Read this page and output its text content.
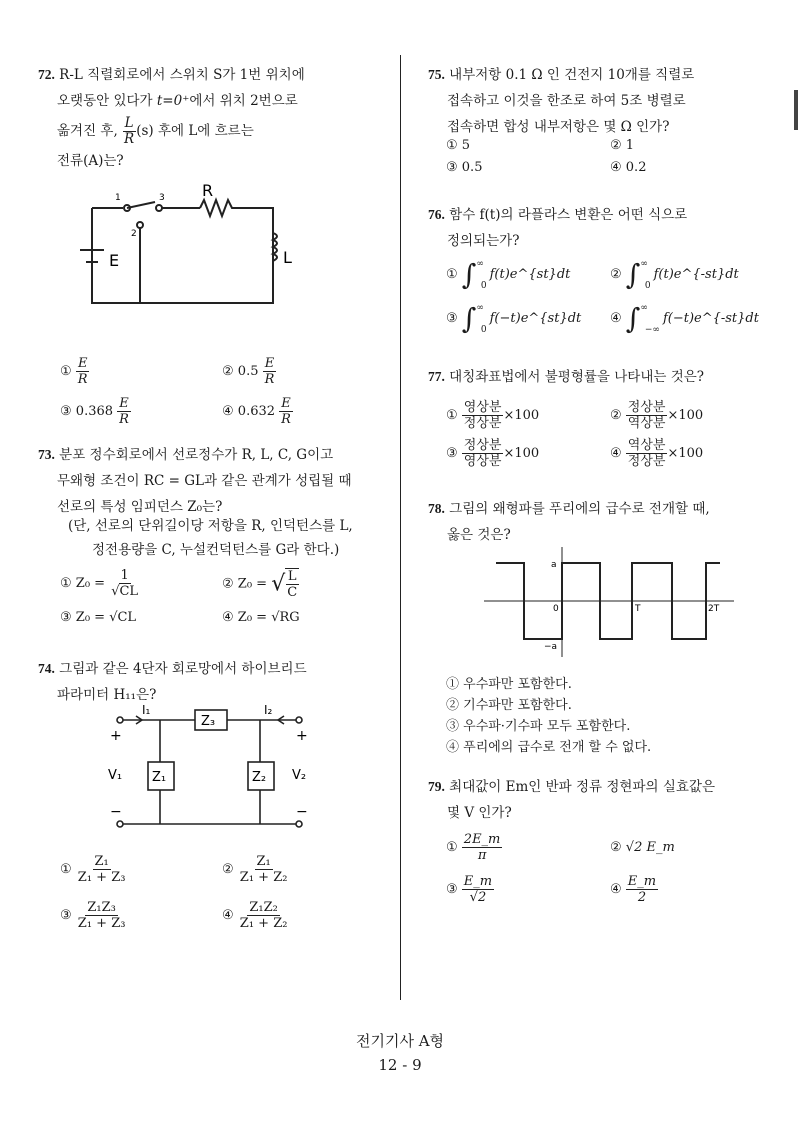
72. R-L 직렬회로에서 스위치 S가 1번 위치에
오랫동안 있다가 t=0⁺에서 위치 2번으로
옮겨진 후, $\frac{L}{R} (s)$ 후에 L에 흐르는
전류(A)는?
R
L
E
1
2
3
① $\frac{E}{R}$	② $0.5 \frac{E}{R}$
③ $0.368 \frac{E}{R}$	④ $0.632 \frac{E}{R}$
73. 분포 정수회로에서 선로정수가 R, L, C, G이고
무왜형 조건이 RC = GL과 같은 관계가 성립될 때
선로의 특성 임피던스 Z₀는?
(단, 선로의 단위길이당 저항을 R, 인덕턴스를 L,
정전용량을 C, 누설컨덕턴스를 G라 한다.)
① $Z_0 = \frac{1}{√CL}$	② Z₀ = √ $\frac{L}{C}$
③ Z₀ = √CL	④ Z₀ = √RG
74. 그림과 같은 4단자 회로망에서 하이브리드
파라미터 H₁₁은?
I₁	I₂
Z₃
Z₁	Z₂
V₁	V₂
+	+
−	−
① $\frac{\text{Z₁}}{\text{Z₁ + Z₃}}$	② $\frac{\text{Z₁}}{\text{Z₁ + Z₂}}$
③ $\frac{\text{Z₁Z₃}}{\text{Z₁ + Z₃}}$	④ $\frac{\text{Z₁Z₂}}{\text{Z₁ + Z₂}}$
75. 내부저항 0.1 Ω 인 건전지 10개를 직렬로
접속하고 이것을 한조로 하여 5조 병렬로
접속하면 합성 내부저항은 몇 Ω 인가?
① 5	② 1
③ 0.5	④ 0.2
76. 함수 f(t)의 라플라스 변환은 어떤 식으로
정의되는가?
① $\int^\infty_0f(t)e\^{}\{st\}dt$	② $\int^\infty_0f(t)e\^{}\{-st\}dt$
③ $\int^\infty_0f(-t)e\^{}\{st\}dt$ ④ $\int^\infty_{-\infty}f(-t)e\^{}\{-st\}dt$
77. 대칭좌표법에서 불평형률을 나타내는 것은?
① $\frac{\text{영상분}}{\text{정상분}} \times 100$	② $\frac{\text{정상분}}{\text{역상분}} \times 100$
③ $\frac{\text{정상분}}{\text{영상분}} \times 100$	④ $\frac{\text{역상분}}{\text{정상분}} \times 100$
78. 그림의 왜형파를 푸리에의 급수로 전개할 때,
옳은 것은?
a
−a
0	T	2T
① 우수파만 포함한다.
② 기수파만 포함한다.
③ 우수파·기수파 모두 포함한다.
④ 푸리에의 급수로 전개 할 수 없다.
79. 최대값이 Em인 반파 정류 정현파의 실효값은
몇 V 인가?
① $\frac{2E\_m}{\pi}$	② √2 E_m
③ $\frac{E\_m}{√2}$	④ $\frac{E\_m}{2}$
전기기사 A형
12 - 9
